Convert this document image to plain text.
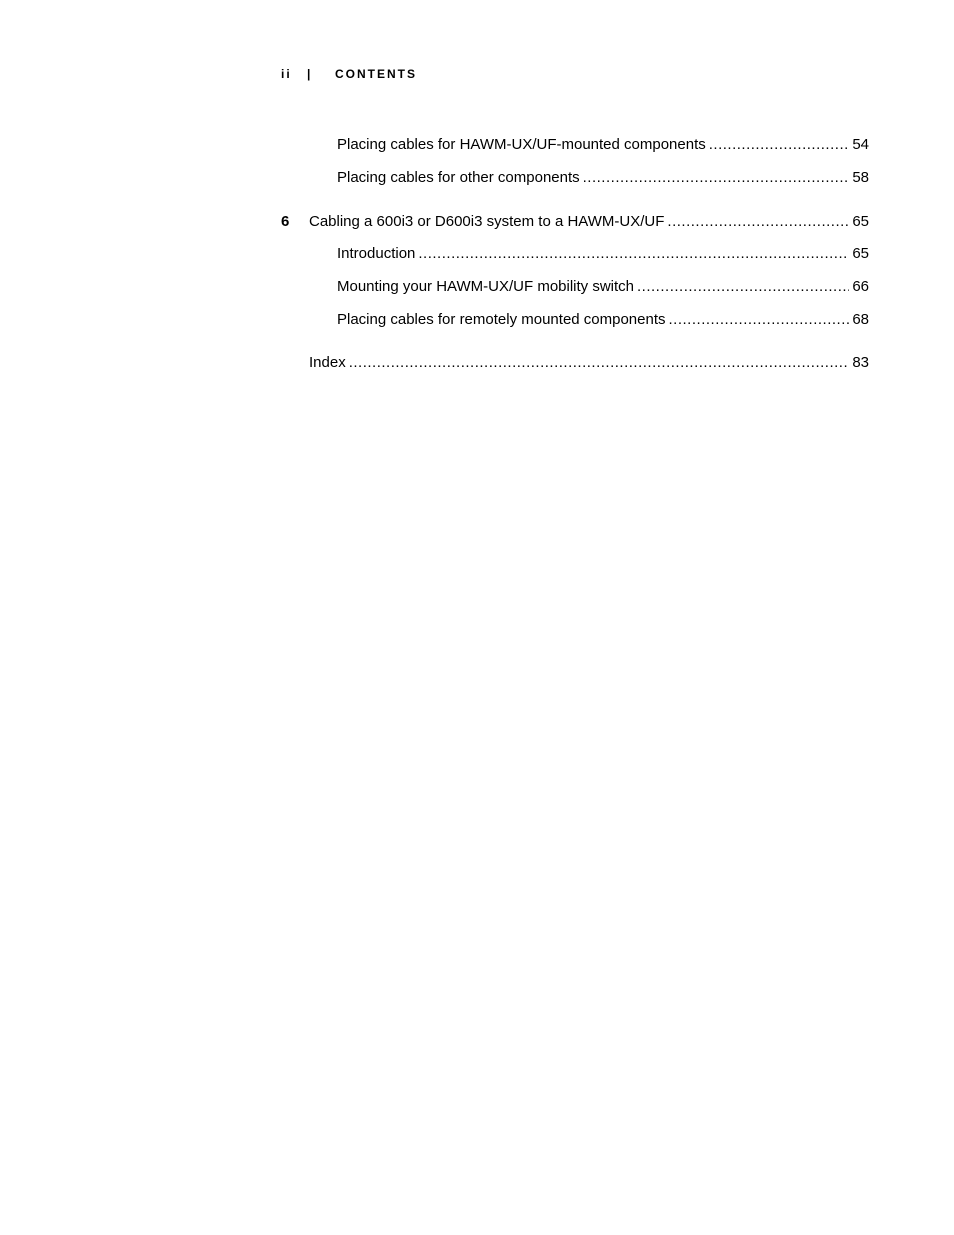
ii | CONTENTS
Placing cables for HAWM-UX/UF-mounted components .....	54
Placing cables for other components .....	58
6 Cabling a 600i3 or D600i3 system to a HAWM-UX/UF .....	65
Introduction .....	65
Mounting your HAWM-UX/UF mobility switch .....	66
Placing cables for remotely mounted components .....	68
Index .....	83
